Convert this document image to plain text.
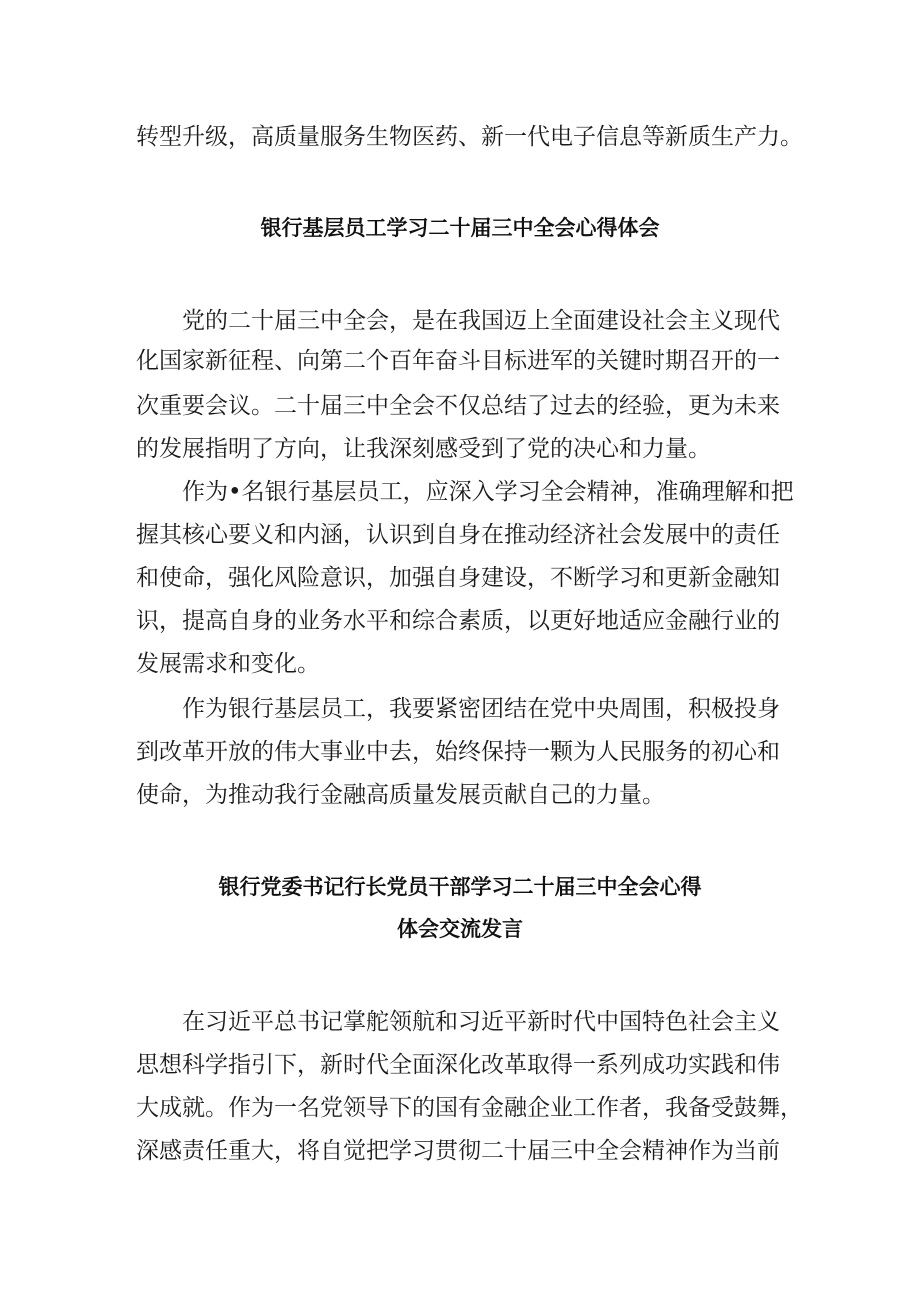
转型升级，高质量服务生物医药、新一代电子信息等新质生产力。
银行基层员工学习二十届三中全会心得体会
党的二十届三中全会，是在我国迈上全面建设社会主义现代
化国家新征程、向第二个百年奋斗目标进军的关键时期召开的一
次重要会议。二十届三中全会不仅总结了过去的经验，更为未来
的发展指明了方向，让我深刻感受到了党的决心和力量。
作为•名银行基层员工，应深入学习全会精神，准确理解和把
握其核心要义和内涵，认识到自身在推动经济社会发展中的责任
和使命，强化风险意识，加强自身建设，不断学习和更新金融知
识，提高自身的业务水平和综合素质，以更好地适应金融行业的
发展需求和变化。
作为银行基层员工，我要紧密团结在党中央周围，积极投身
到改革开放的伟大事业中去，始终保持一颗为人民服务的初心和
使命，为推动我行金融高质量发展贡献自己的力量。
银行党委书记行长党员干部学习二十届三中全会心得
体会交流发言
在习近平总书记掌舵领航和习近平新时代中国特色社会主义
思想科学指引下，新时代全面深化改革取得一系列成功实践和伟
大成就。作为一名党领导下的国有金融企业工作者，我备受鼓舞，
深感责任重大，将自觉把学习贯彻二十届三中全会精神作为当前
